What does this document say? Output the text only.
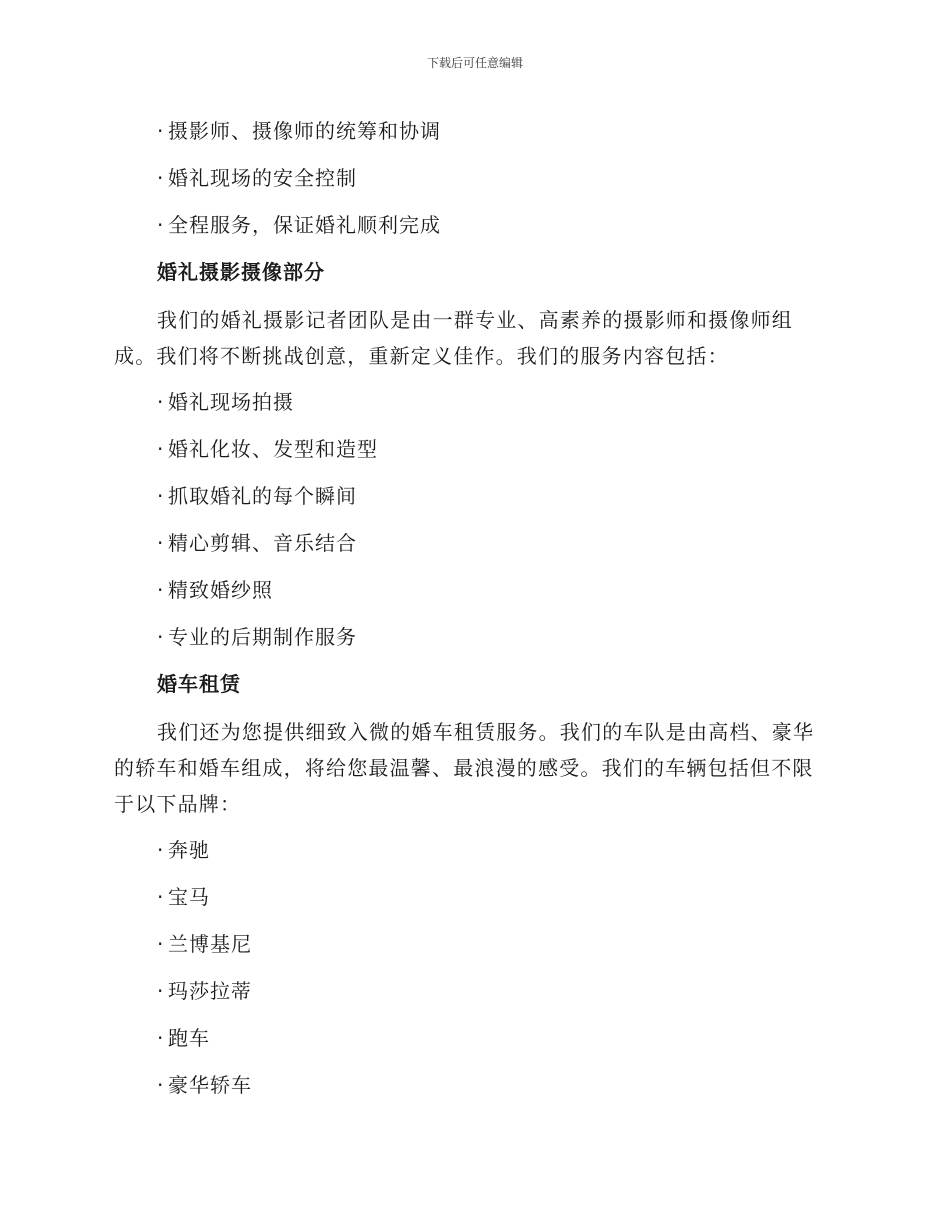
下载后可任意编辑
· 摄影师、摄像师的统筹和协调
· 婚礼现场的安全控制
· 全程服务，保证婚礼顺利完成
婚礼摄影摄像部分

我们的婚礼摄影记者团队是由一群专业、高素养的摄影师和摄像师组成。我们将不断挑战创意，重新定义佳作。我们的服务内容包括：

· 婚礼现场拍摄
· 婚礼化妆、发型和造型
· 抓取婚礼的每个瞬间
· 精心剪辑、音乐结合
· 精致婚纱照
· 专业的后期制作服务
婚车租赁

我们还为您提供细致入微的婚车租赁服务。我们的车队是由高档、豪华的轿车和婚车组成，将给您最温馨、最浪漫的感受。我们的车辆包括但不限于以下品牌：

· 奔驰
· 宝马
· 兰博基尼
· 玛莎拉蒂
· 跑车
· 豪华轿车
